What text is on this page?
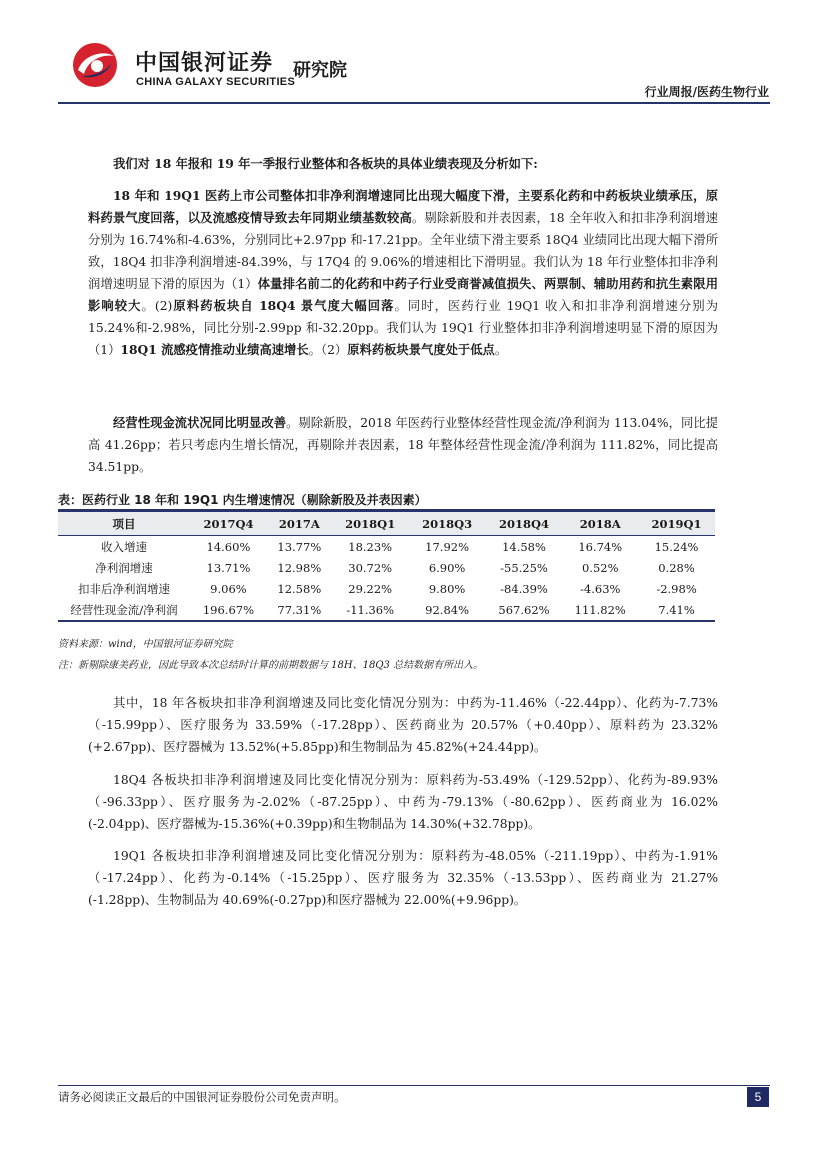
中国银河证券
CHINA GALAXY SECURITIES
研究院
行业周报/医药生物行业

我们对 18 年报和 19 年一季报行业整体和各板块的具体业绩表现及分析如下:

18 年和 19Q1 医药上市公司整体扣非净利润增速同比出现大幅度下滑，主要系化药和中药板块业绩承压，原料药景气度回落，以及流感疫情导致去年同期业绩基数较高。剔除新股和并表因素，18 全年收入和扣非净利润增速分别为 16.74%和-4.63%，分别同比+2.97pp 和-17.21pp。全年业绩下滑主要系 18Q4 业绩同比出现大幅下滑所致，18Q4 扣非净利润增速-84.39%，与 17Q4 的 9.06%的增速相比下滑明显。我们认为 18 年行业整体扣非净利润增速明显下滑的原因为（1）体量排名前二的化药和中药子行业受商誉减值损失、两票制、辅助用药和抗生素限用影响较大。(2)原料药板块自 18Q4 景气度大幅回落。同时，医药行业 19Q1 收入和扣非净利润增速分别为 15.24%和-2.98%，同比分别-2.99pp 和-32.20pp。我们认为 19Q1 行业整体扣非净利润增速明显下滑的原因为（1）18Q1 流感疫情推动业绩高速增长。（2）原料药板块景气度处于低点。

经营性现金流状况同比明显改善。剔除新股，2018 年医药行业整体经营性现金流/净利润为 113.04%，同比提高 41.26pp；若只考虑内生增长情况，再剔除并表因素，18 年整体经营性现金流/净利润为 111.82%，同比提高 34.51pp。

表：医药行业 18 年和 19Q1 内生增速情况（剔除新股及并表因素）
项目	2017Q4	2017A	2018Q1	2018Q3	2018Q4	2018A	2019Q1
收入增速	14.60%	13.77%	18.23%	17.92%	14.58%	16.74%	15.24%
净利润增速	13.71%	12.98%	30.72%	6.90%	-55.25%	0.52%	0.28%
扣非后净利润增速	9.06%	12.58%	29.22%	9.80%	-84.39%	-4.63%	-2.98%
经营性现金流/净利润	196.67%	77.31%	-11.36%	92.84%	567.62%	111.82%	7.41%
资料来源：wind，中国银河证券研究院
注：新剔除康美药业，因此导致本次总结时计算的前期数据与 18H、18Q3 总结数据有所出入。

其中，18 年各板块扣非净利润增速及同比变化情况分别为：中药为-11.46%（-22.44pp）、化药为-7.73%（-15.99pp）、医疗服务为 33.59%（-17.28pp）、医药商业为 20.57%（+0.40pp）、原料药为 23.32%(+2.67pp)、医疗器械为 13.52%(+5.85pp)和生物制品为 45.82%(+24.44pp)。

18Q4 各板块扣非净利润增速及同比变化情况分别为：原料药为-53.49%（-129.52pp）、化药为-89.93%（-96.33pp）、医疗服务为-2.02%（-87.25pp）、中药为-79.13%（-80.62pp）、医药商业为 16.02%(-2.04pp)、医疗器械为-15.36%(+0.39pp)和生物制品为 14.30%(+32.78pp)。

19Q1 各板块扣非净利润增速及同比变化情况分别为：原料药为-48.05%（-211.19pp）、中药为-1.91%（-17.24pp）、化药为-0.14%（-15.25pp）、医疗服务为 32.35%（-13.53pp）、医药商业为 21.27%(-1.28pp)、生物制品为 40.69%(-0.27pp)和医疗器械为 22.00%(+9.96pp)。

请务必阅读正文最后的中国银河证券股份公司免责声明。	5
